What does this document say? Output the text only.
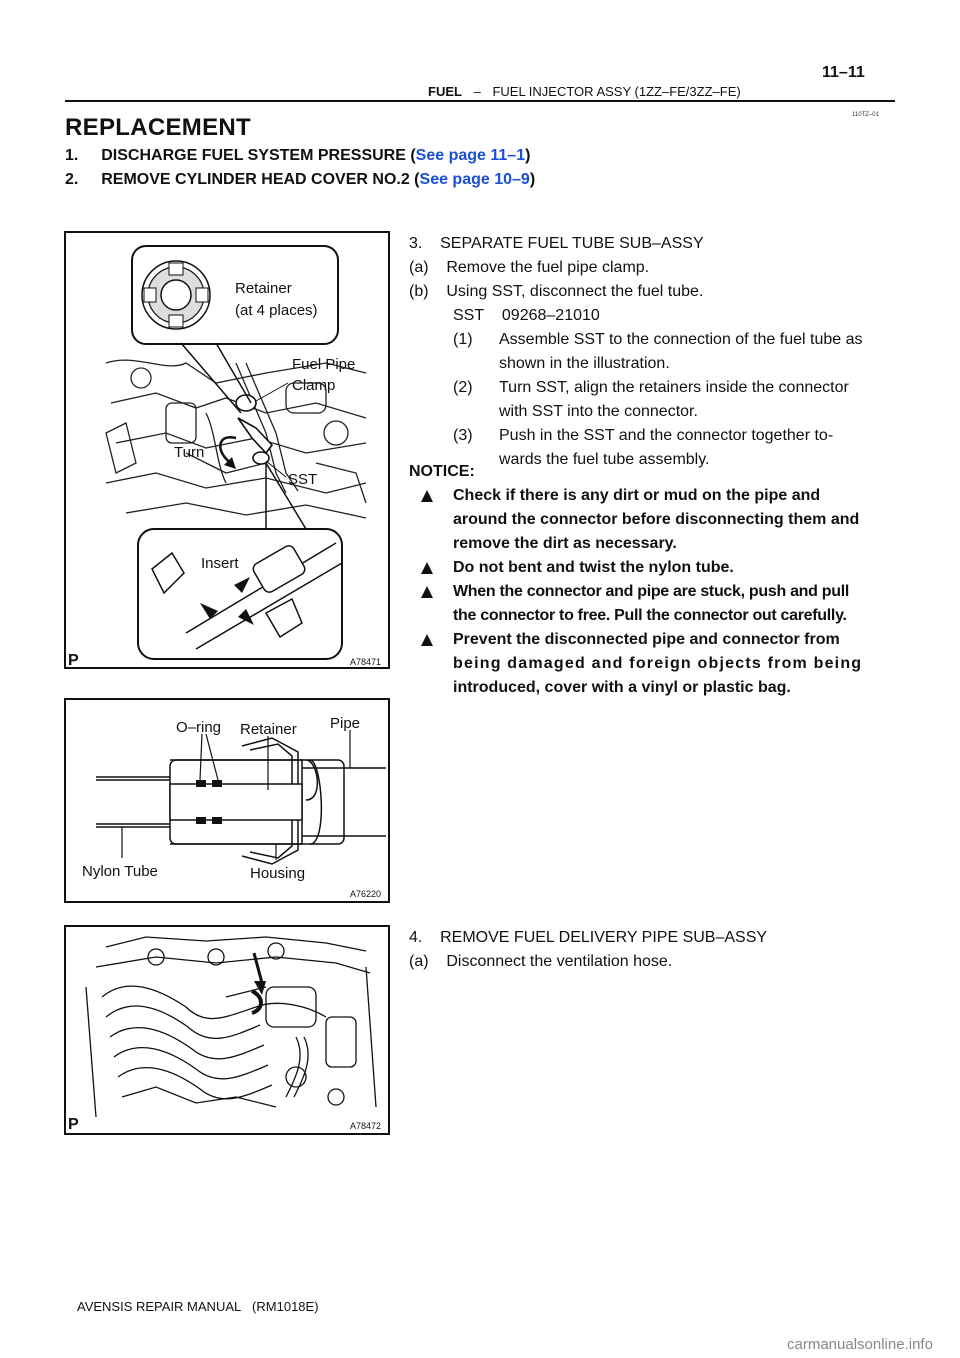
FUEL – FUEL INJECTOR ASSY (1ZZ–FE/3ZZ–FE)
11–11
110TZ–01
REPLACEMENT
1. DISCHARGE FUEL SYSTEM PRESSURE (See page 11–1)
2. REMOVE CYLINDER HEAD COVER NO.2 (See page 10–9)
Retainer
(at 4 places)
Fuel Pipe
Clamp
Turn
SST
Insert
P	A78471
O–ring Retainer Pipe
Nylon Tube	Housing
A76220
P	A78472
3.    SEPARATE FUEL TUBE SUB–ASSY
(a)    Remove the fuel pipe clamp.
(b)    Using SST, disconnect the fuel tube.
SST    09268–21010
(1) Assemble SST to the connection of the fuel tube as
shown in the illustration.
(2) Turn SST, align the retainers inside the connector
with SST into the connector.
(3) Push in the SST and the connector together to-
wards the fuel tube assembly.
NOTICE:
Check if there is any dirt or mud on the pipe and
around the connector before disconnecting them and
remove the dirt as necessary.
Do not bent and twist the nylon tube.
When the connector and pipe are stuck, push and pull
the connector to free. Pull the connector out carefully.
Prevent the disconnected pipe and connector from
being damaged and foreign objects from being
introduced, cover with a vinyl or plastic bag.
4.    REMOVE FUEL DELIVERY PIPE SUB–ASSY
(a)    Disconnect the ventilation hose.
AVENSIS REPAIR MANUAL   (RM1018E)
carmanualsonline.info
